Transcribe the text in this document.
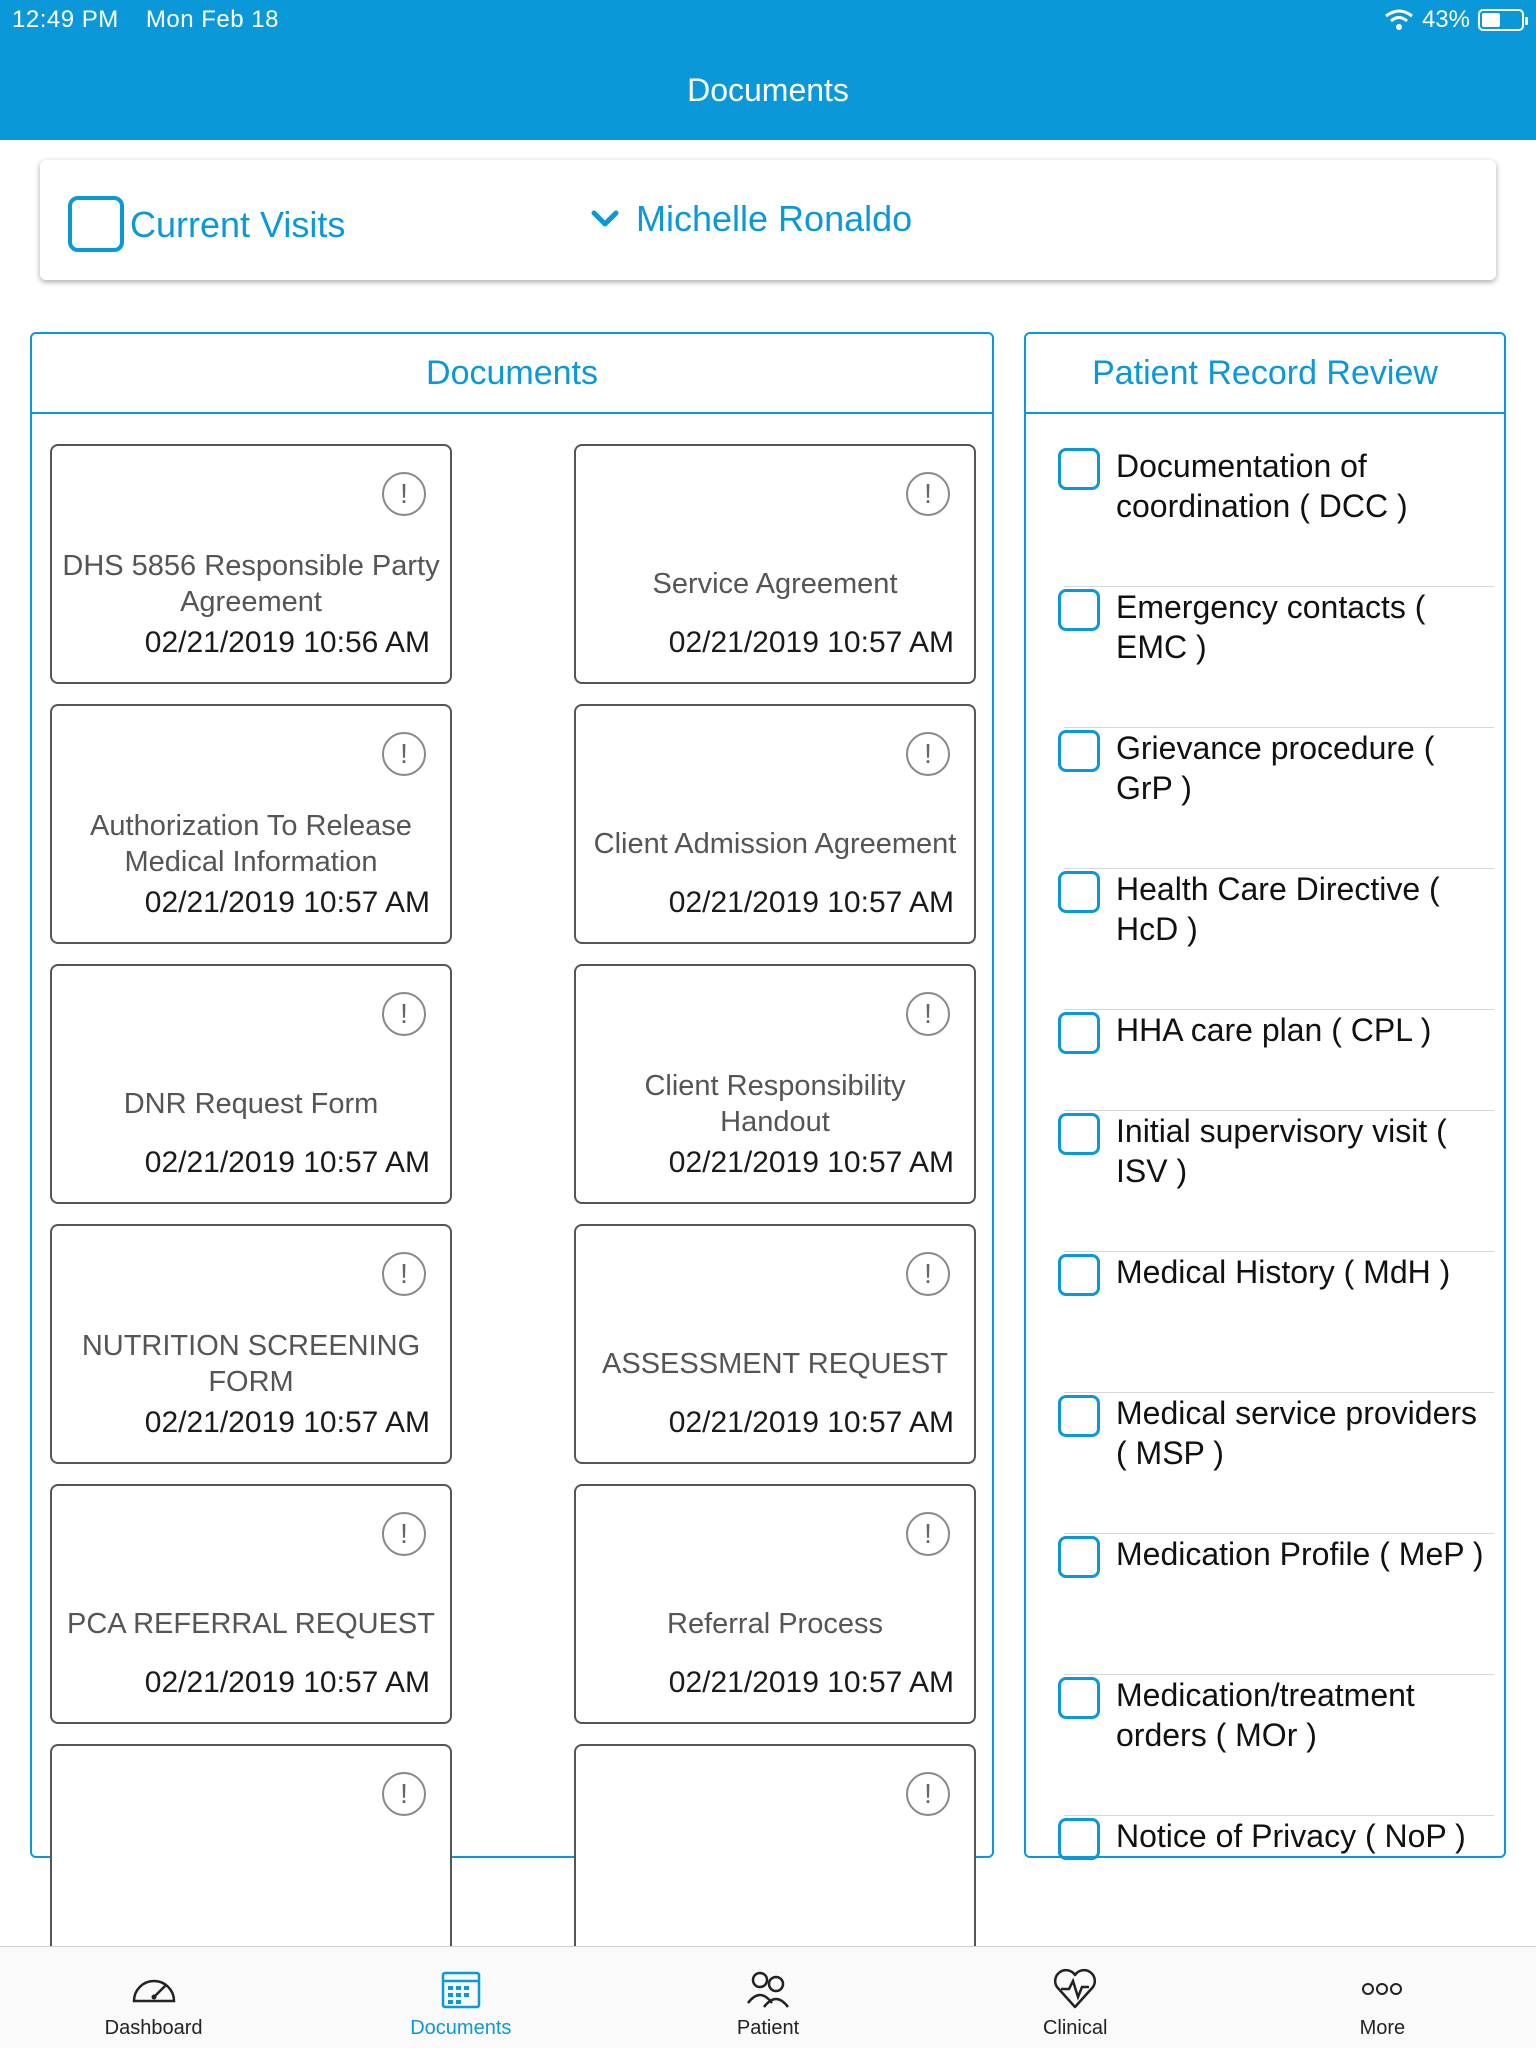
12:49 PM Mon Feb 18	43%
Documents
Current Visits	Michelle Ronaldo
Documents
!
DHS 5856 Responsible Party Agreement
02/21/2019 10:56 AM
!
Service Agreement
02/21/2019 10:57 AM
!
Authorization To Release Medical Information
02/21/2019 10:57 AM
!
Client Admission Agreement
02/21/2019 10:57 AM
!
DNR Request Form
02/21/2019 10:57 AM
!
Client Responsibility Handout
02/21/2019 10:57 AM
!
NUTRITION SCREENING FORM
02/21/2019 10:57 AM
!
ASSESSMENT REQUEST
02/21/2019 10:57 AM
!
PCA REFERRAL REQUEST
02/21/2019 10:57 AM
!
Referral Process
02/21/2019 10:57 AM
!	!
Patient Record Review
Documentation of coordination ( DCC )
Emergency contacts ( EMC )
Grievance procedure ( GrP )
Health Care Directive ( HcD )
HHA care plan ( CPL )
Initial supervisory visit ( ISV )
Medical History ( MdH )
Medical service providers ( MSP )
Medication Profile ( MeP )
Medication/treatment orders ( MOr )
Notice of Privacy ( NoP )
Dashboard	Documents	Patient	Clinical	More
